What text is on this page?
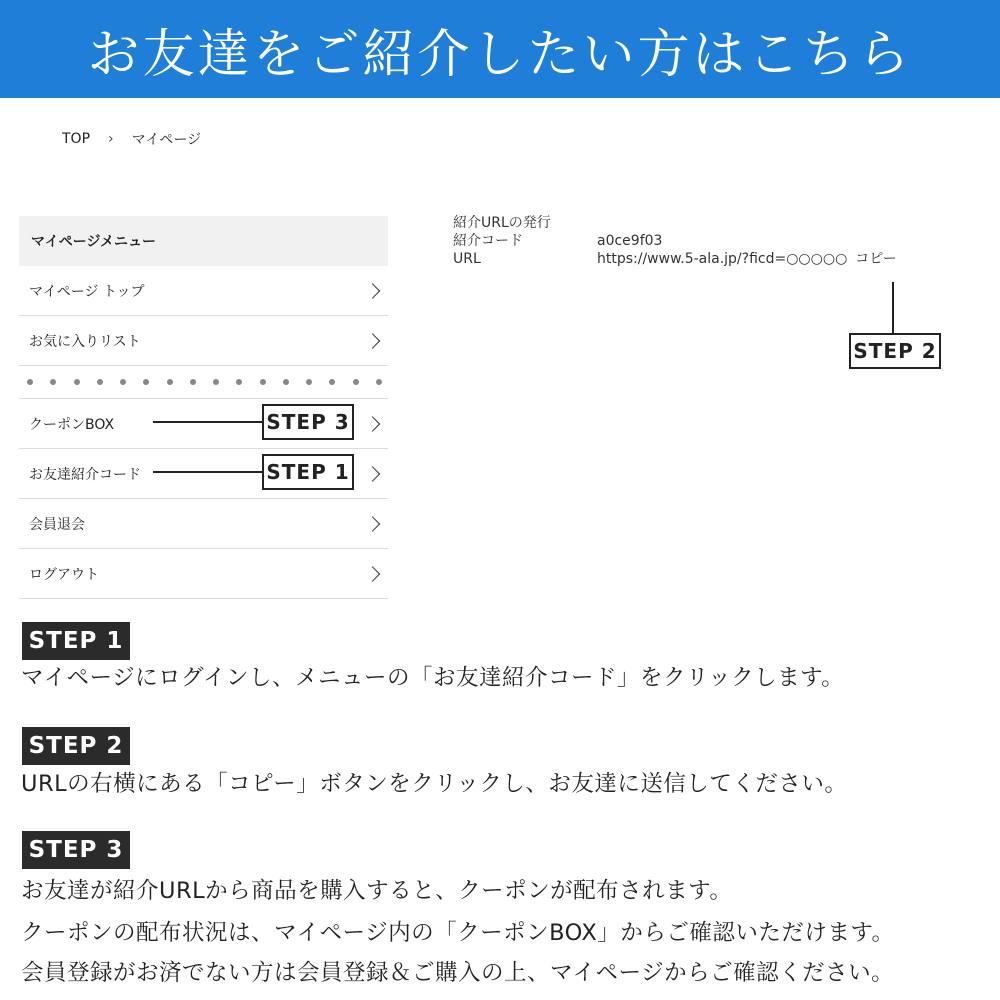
お友達をご紹介したい方はこちら
TOP › マイページ
マイページメニュー
マイページ トップ
お気に入りリスト
クーポンBOX
お友達紹介コード
会員退会
ログアウト
STEP 3
STEP 1
紹介URLの発行
紹介コード	a0ce9f03
URL	https://www.5-ala.jp/?ficd=○○○○○ コピー
STEP 2
STEP 1
マイページにログインし、メニューの「お友達紹介コード」をクリックします。
STEP 2
URLの右横にある「コピー」ボタンをクリックし、お友達に送信してください。
STEP 3
お友達が紹介URLから商品を購入すると、クーポンが配布されます。
クーポンの配布状況は、マイページ内の「クーポンBOX」からご確認いただけます。
会員登録がお済でない方は会員登録＆ご購入の上、マイページからご確認ください。
